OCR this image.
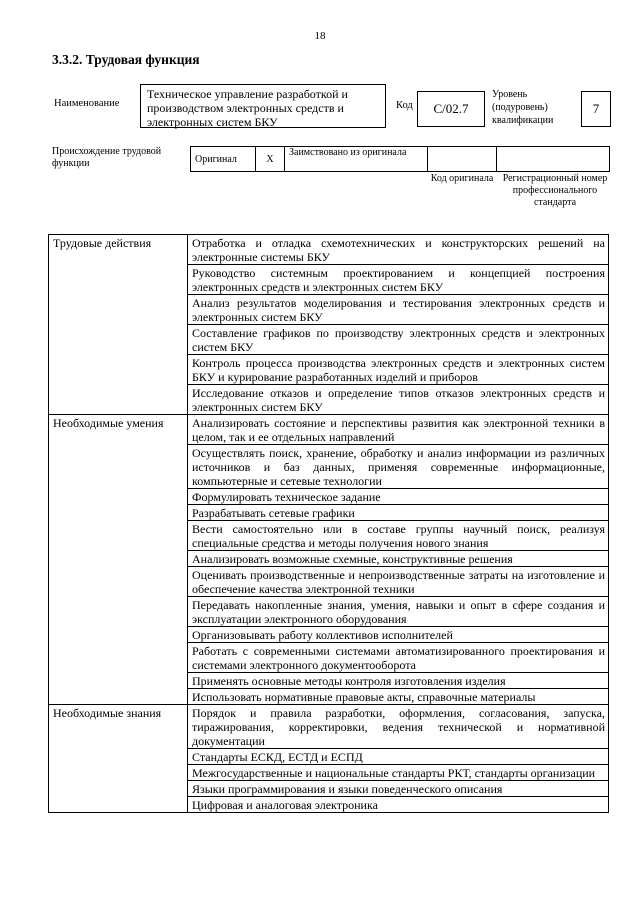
18
3.3.2. Трудовая функция
Наименование
Техническое управление разработкой и производством электронных средств и электронных систем БКУ
Код	С/02.7
Уровень (подуровень) квалификации
7
Происхождение трудовой функции	Оригинал	X	Заимствовано из оригинала		
Код оригинала Регистрационный номер профессионального стандарта
Трудовые действия	Отработка и отладка схемотехнических и конструкторских решений на электронные системы БКУ
	Руководство системным проектированием и концепцией построения электронных средств и электронных систем БКУ
	Анализ результатов моделирования и тестирования электронных средств и электронных систем БКУ
	Составление графиков по производству электронных средств и электронных систем БКУ
	Контроль процесса производства электронных средств и электронных систем БКУ и курирование разработанных изделий и приборов
	Исследование отказов и определение типов отказов электронных средств и электронных систем БКУ
Необходимые умения	Анализировать состояние и перспективы развития как электронной техники в целом, так и ее отдельных направлений
	Осуществлять поиск, хранение, обработку и анализ информации из различных источников и баз данных, применяя современные информационные, компьютерные и сетевые технологии
	Формулировать техническое задание
	Разрабатывать сетевые графики
	Вести самостоятельно или в составе группы научный поиск, реализуя специальные средства и методы получения нового знания
	Анализировать возможные схемные, конструктивные решения
	Оценивать производственные и непроизводственные затраты на изготовление и обеспечение качества электронной техники
	Передавать накопленные знания, умения, навыки и опыт в сфере создания и эксплуатации электронного оборудования
	Организовывать работу коллективов исполнителей
	Работать с современными системами автоматизированного проектирования и системами электронного документооборота
	Применять основные методы контроля изготовления изделия
	Использовать нормативные правовые акты, справочные материалы
Необходимые знания	Порядок и правила разработки, оформления, согласования, запуска, тиражирования, корректировки, ведения технической и нормативной документации
	Стандарты ЕСКД, ЕСТД и ЕСПД
	Межгосударственные и национальные стандарты РКТ, стандарты организации
	Языки программирования и языки поведенческого описания
	Цифровая и аналоговая электроника
